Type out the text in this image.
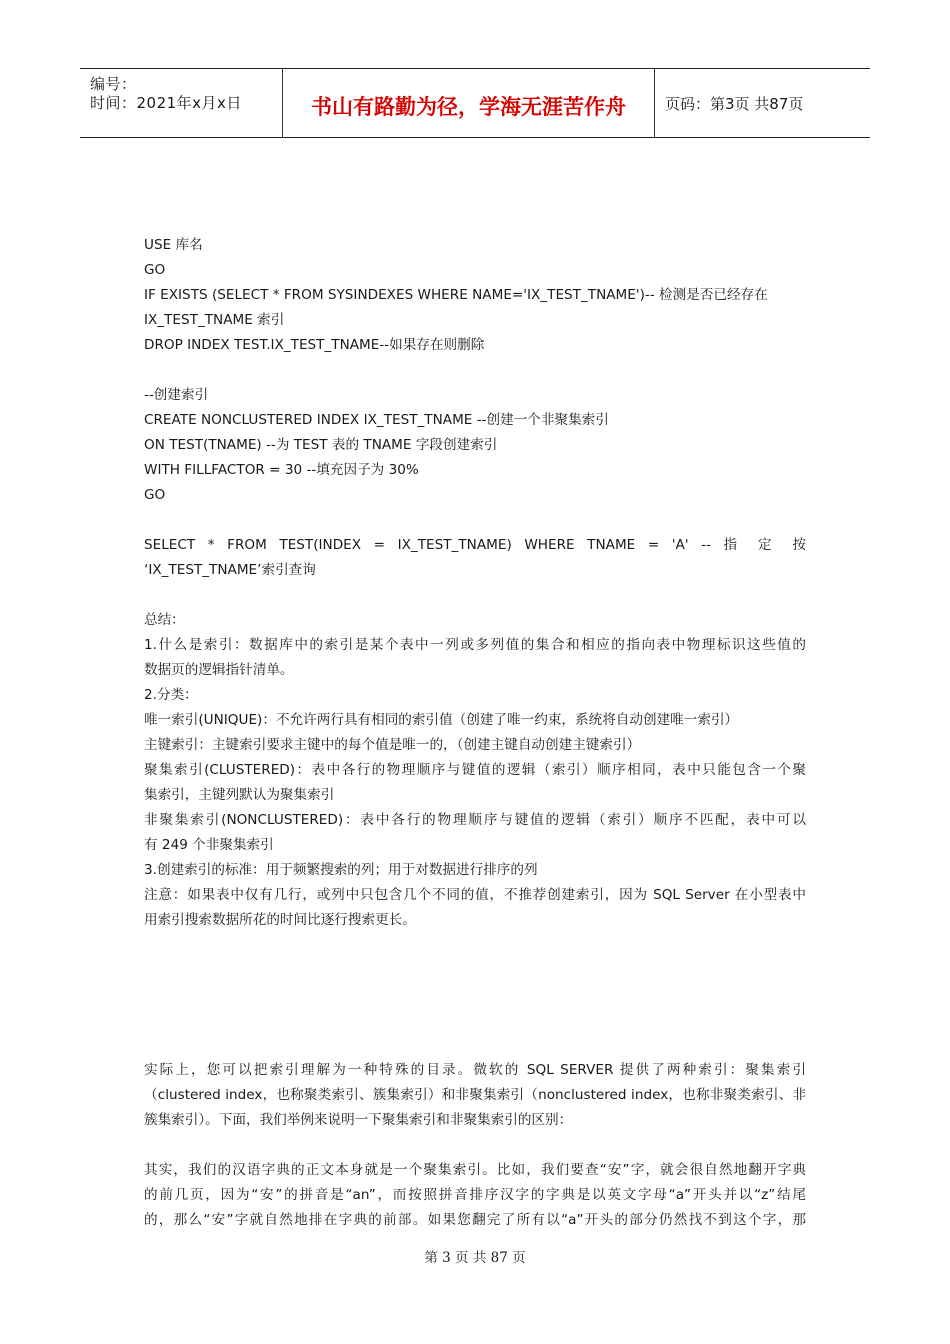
编号：
时间：2021年x月x日	书山有路勤为径，学海无涯苦作舟	页码：第3页 共87页
USE 库名
GO
IF EXISTS (SELECT * FROM SYSINDEXES WHERE NAME='IX_TEST_TNAME')-- 检测是否已经存在
IX_TEST_TNAME 索引
DROP INDEX TEST.IX_TEST_TNAME--如果存在则删除
--创建索引
CREATE NONCLUSTERED INDEX IX_TEST_TNAME --创建一个非聚集索引
ON TEST(TNAME) --为 TEST 表的 TNAME 字段创建索引
WITH FILLFACTOR = 30 --填充因子为 30%
GO
SELECT * FROM TEST(INDEX = IX_TEST_TNAME) WHERE TNAME = 'A' -- 指 定 按
‘IX_TEST_TNAME’索引查询
总结：
1.什么是索引：数据库中的索引是某个表中一列或多列值的集合和相应的指向表中物理标识这些值的
数据页的逻辑指针清单。
2.分类：
唯一索引(UNIQUE)：不允许两行具有相同的索引值（创建了唯一约束，系统将自动创建唯一索引）
主键索引：主键索引要求主键中的每个值是唯一的，（创建主键自动创建主键索引）
聚集索引(CLUSTERED)：表中各行的物理顺序与键值的逻辑（索引）顺序相同，表中只能包含一个聚
集索引，主键列默认为聚集索引
非聚集索引(NONCLUSTERED)：表中各行的物理顺序与键值的逻辑（索引）顺序不匹配，表中可以
有 249 个非聚集索引
3.创建索引的标准：用于频繁搜索的列；用于对数据进行排序的列
注意：如果表中仅有几行，或列中只包含几个不同的值，不推荐创建索引，因为 SQL Server 在小型表中
用索引搜索数据所花的时间比逐行搜索更长。
实际上，您可以把索引理解为一种特殊的目录。微软的 SQL SERVER 提供了两种索引：聚集索引
（clustered index，也称聚类索引、簇集索引）和非聚集索引（nonclustered index，也称非聚类索引、非
簇集索引）。下面，我们举例来说明一下聚集索引和非聚集索引的区别：
其实，我们的汉语字典的正文本身就是一个聚集索引。比如，我们要查“安”字，就会很自然地翻开字典
的前几页，因为“安”的拼音是“an”，而按照拼音排序汉字的字典是以英文字母“a”开头并以“z”结尾
的，那么“安”字就自然地排在字典的前部。如果您翻完了所有以“a”开头的部分仍然找不到这个字，那
第 3 页 共 87 页
